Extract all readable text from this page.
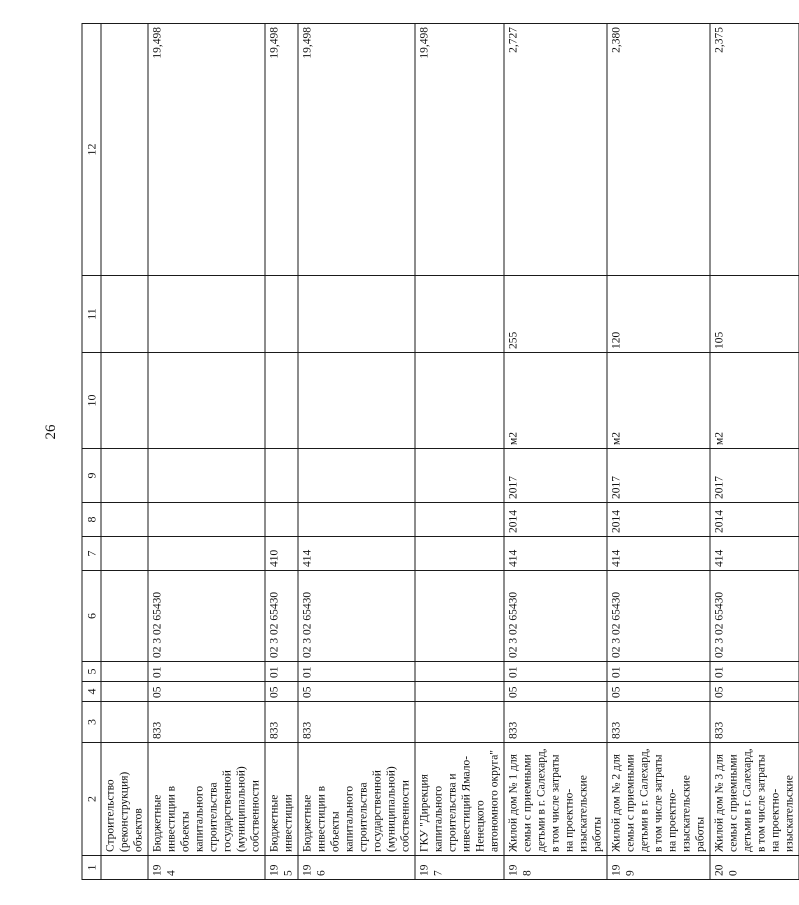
26
1	2	3	4	5	6	7	8	9	10	11	12
	Строительство (реконструкция) объектов										
194	Бюджетные инвестиции в объекты капитального строительства государственной (муниципальной) собственности	833	05	01	02 3 02 65430						19,498
195	Бюджетные инвестиции	833	05	01	02 3 02 65430	410					19,498
196	Бюджетные инвестиции в объекты капитального строительства государственной (муниципальной) собственности	833	05	01	02 3 02 65430	414					19,498
197	ГКУ "Дирекция капитального строительства и инвестиций Ямало-Ненецкого автономного округа"										19,498
198	Жилой дом № 1 для семьи с приемными детьми в г. Салехард, в том числе затраты на проектно-изыскательские работы	833	05	01	02 3 02 65430	414	2014	2017	м2	255	2,727
199	Жилой дом № 2 для семьи с приемными детьми в г. Салехард, в том числе затраты на проектно-изыскательские работы	833	05	01	02 3 02 65430	414	2014	2017	м2	120	2,380
200	Жилой дом № 3 для семьи с приемными детьми в г. Салехард, в том числе затраты на проектно-изыскательские	833	05	01	02 3 02 65430	414	2014	2017	м2	105	2,375
